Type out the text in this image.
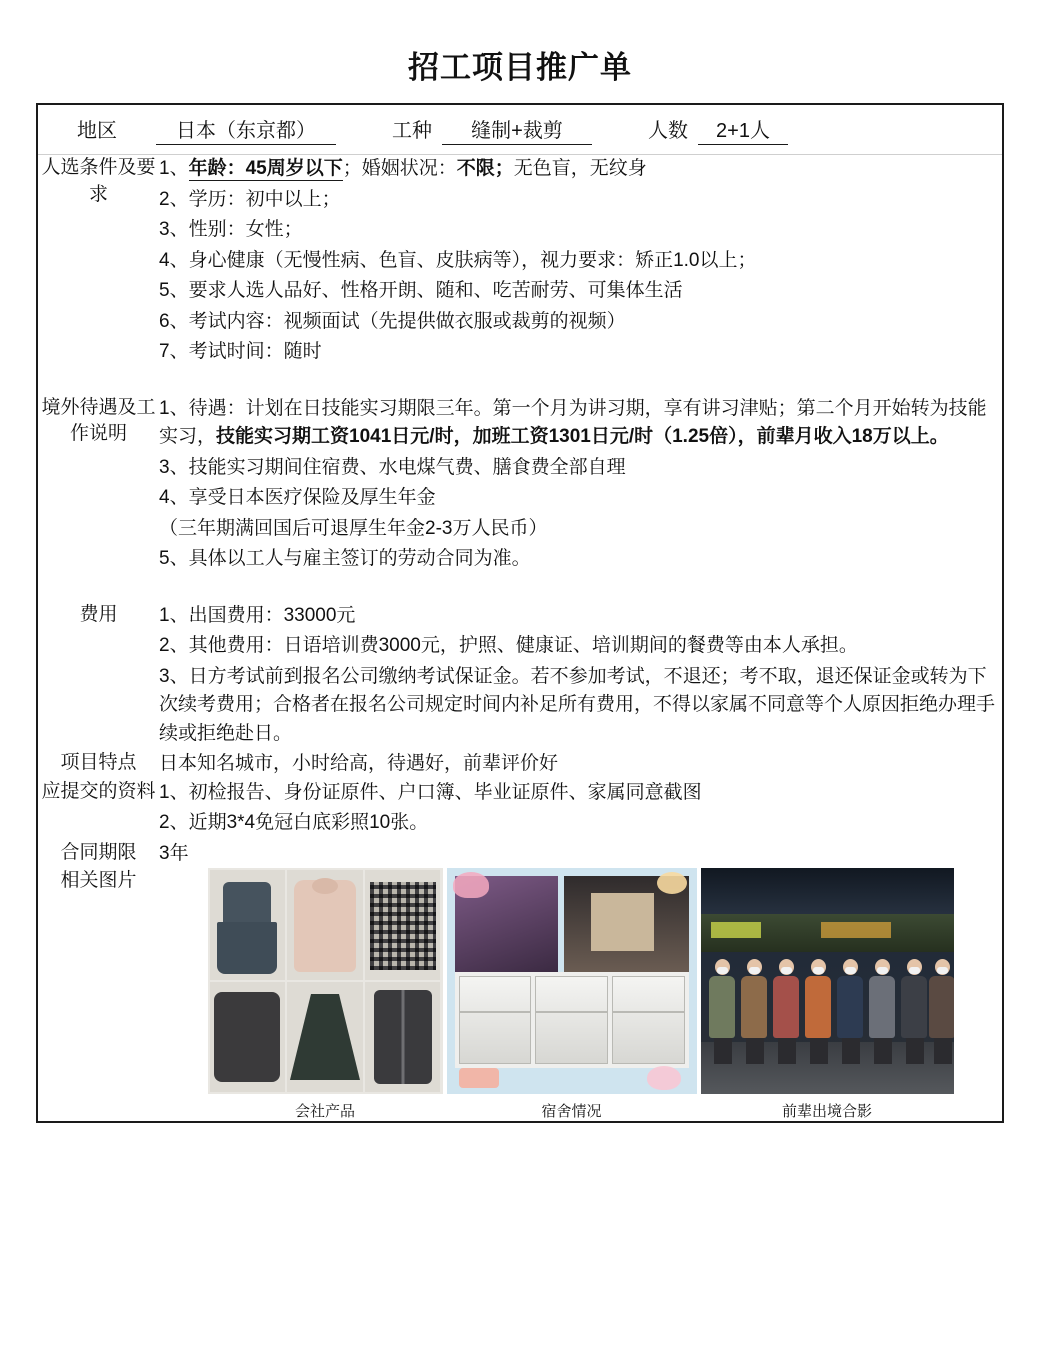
招工项目推广单
地区	日本（东京都）	工种	缝制+裁剪	人数	2+1人

人选条件及要求	
1、年龄：45周岁以下；婚姻状况：不限；无色盲，无纹身
2、学历：初中以上；
3、性别：女性；
4、身心健康（无慢性病、色盲、皮肤病等），视力要求：矫正1.0以上；
5、要求人选人品好、性格开朗、随和、吃苦耐劳、可集体生活
6、考试内容：视频面试（先提供做衣服或裁剪的视频）
7、考试时间：随时

境外待遇及工作说明	1、待遇：计划在日技能实习期限三年。第一个月为讲习期，享有讲习津贴；第二个月开始转为技能实习，技能实习期工资1041日元/时，加班工资1301日元/时（1.25倍），前辈月收入18万以上。
3、技能实习期间住宿费、水电煤气费、膳食费全部自理
4、享受日本医疗保险及厚生年金
（三年期满回国后可退厚生年金2-3万人民币）
5、具体以工人与雇主签订的劳动合同为准。

费用	1、出国费用：33000元
2、其他费用：日语培训费3000元，护照、健康证、培训期间的餐费等由本人承担。
3、日方考试前到报名公司缴纳考试保证金。若不参加考试，不退还；考不取，退还保证金或转为下次续考费用；合格者在报名公司规定时间内补足所有费用，不得以家属不同意等个人原因拒绝办理手续或拒绝赴日。

项目特点	日本知名城市，小时给高，待遇好，前辈评价好
应提交的资料	1、初检报告、身份证原件、户口簿、毕业证原件、家属同意截图
2、近期3*4免冠白底彩照10张。

合同期限	3年
相关图片	会社产品 宿舍情况 前辈出境合影
